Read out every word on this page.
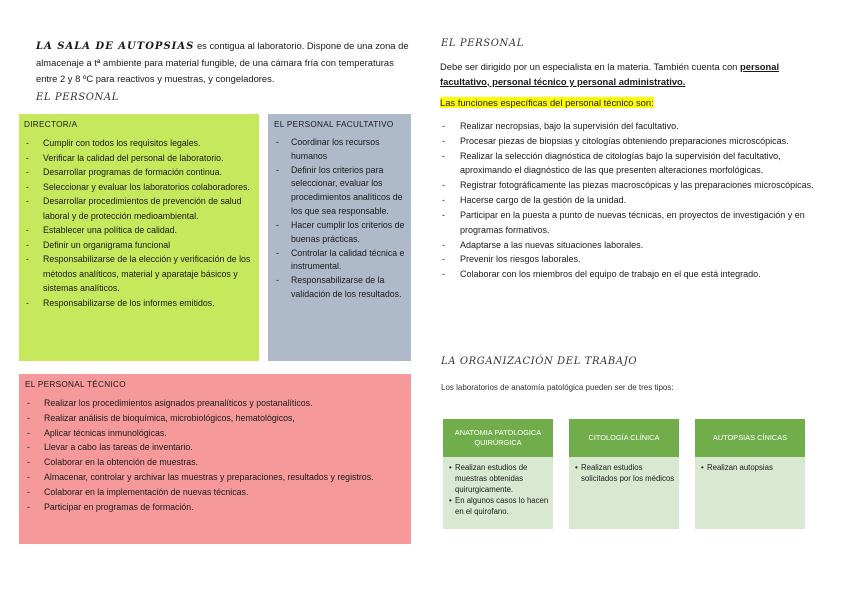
LA SALA DE AUTOPSIAS es contigua al laboratorio. Dispone de una zona de almacenaje a tª ambiente para material fungible, de una cámara fría con temperaturas entre 2 y 8 ºC para reactivos y muestras, y congeladores.
EL PERSONAL
DIRECTOR/A
- Cumplir con todos los requisitos legales.
- Verificar la calidad del personal de laboratorio.
- Desarrollar programas de formación continua.
- Seleccionar y evaluar los laboratorios colaboradores.
- Desarrollar procedimientos de prevención de salud laboral y de protección medioambiental.
- Establecer una política de calidad.
- Definir un organigrama funcional
- Responsabilizarse de la elección y verificación de los métodos analíticos, material y aparataje básicos y sistemas analíticos.
- Responsabilizarse de los informes emitidos.
EL PERSONAL FACULTATIVO
- Coordinar los recursos humanos
- Definir los criterios para seleccionar, evaluar los procedimientos analíticos de los que sea responsable.
- Hacer cumplir los criterios de buenas prácticas.
- Controlar la calidad técnica e instrumental.
- Responsabilizarse de la validación de los resultados.
EL PERSONAL TÉCNICO
- Realizar los procedimientos asignados preanalíticos y postanalíticos.
- Realizar análisis de bioquímica, microbiológicos, hematológicos,
- Aplicar técnicas inmunológicas.
- Llevar a cabo las tareas de inventario.
- Colaborar en la obtención de muestras.
- Almacenar, controlar y archivar las muestras y preparaciones, resultados y registros.
- Colaborar en la implementación de nuevas técnicas.
- Participar en programas de formación.
EL PERSONAL
Debe ser dirigido por un especialista en la materia. También cuenta con personal facultativo, personal técnico y personal administrativo.
Las funciones específicas del personal técnico son:
- Realizar necropsias, bajo la supervisión del facultativo.
- Procesar piezas de biopsias y citologías obteniendo preparaciones microscópicas.
- Realizar la selección diagnóstica de citologías bajo la supervisión del facultativo, aproximando el diagnóstico de las que presenten alteraciones morfológicas.
- Registrar fotográficamente las piezas macroscópicas y las preparaciones microscópicas.
- Hacerse cargo de la gestión de la unidad.
- Participar en la puesta a punto de nuevas técnicas, en proyectos de investigación y en programas formativos.
- Adaptarse a las nuevas situaciones laborales.
- Prevenir los riesgos laborales.
- Colaborar con los miembros del equipo de trabajo en el que está integrado.
LA ORGANIZACIÓN DEL TRABAJO
Los laboratorios de anatomía patológica pueden ser de tres tipos:
ANATOMIA PATOLOGICA QUIRÚRGICA
• Realizan estudios de muestras obtenidas quirurgicamente.
• En algunos casos lo hacen en el quirofano.
CITOLOGÍA CLÍNICA
• Realizan estudios solicitados por los médicos
AUTOPSIAS CÍNICAS
• Realizan autopsias
